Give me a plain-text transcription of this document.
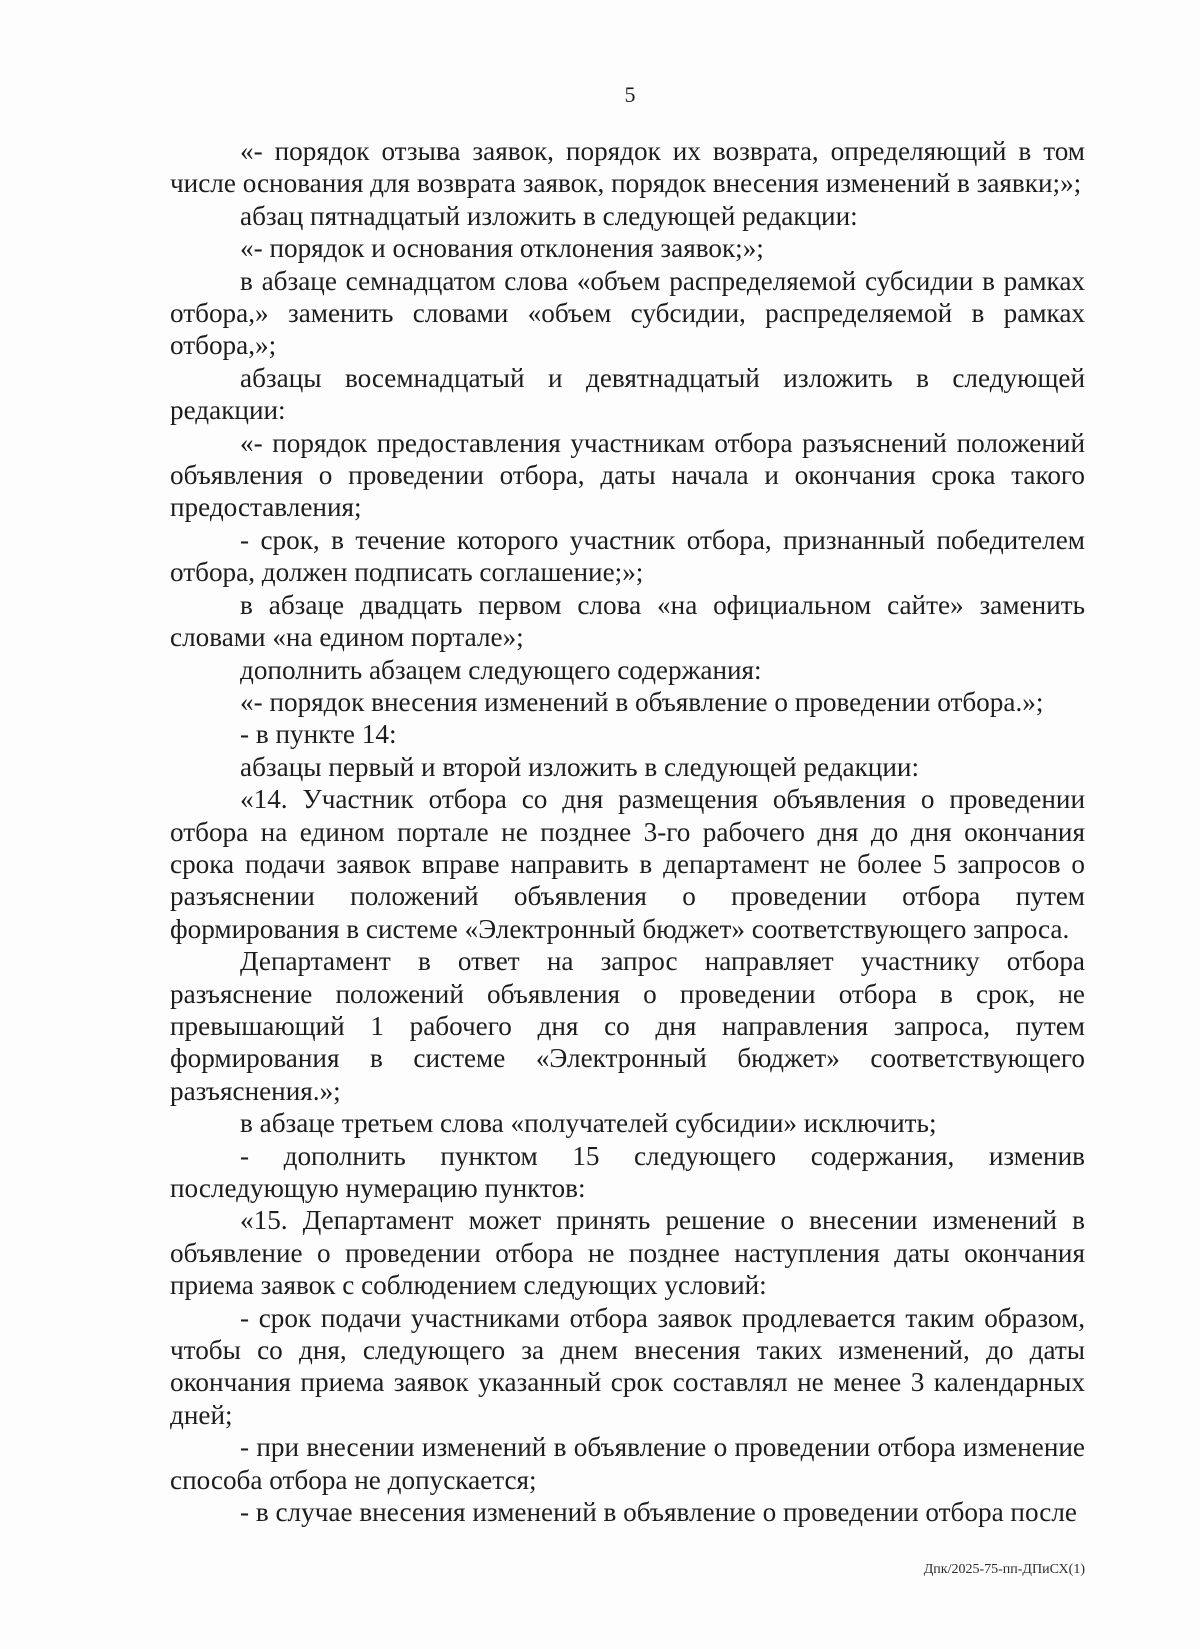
5

«- порядок отзыва заявок, порядок их возврата, определяющий в том числе основания для возврата заявок, порядок внесения изменений в заявки;»;

абзац пятнадцатый изложить в следующей редакции:

«- порядок и основания отклонения заявок;»;

в абзаце семнадцатом слова «объем распределяемой субсидии в рамках отбора,» заменить словами «объем субсидии, распределяемой в рамках отбора,»;

абзацы восемнадцатый и девятнадцатый изложить в следующей редакции:

«- порядок предоставления участникам отбора разъяснений положений объявления о проведении отбора, даты начала и окончания срока такого предоставления;

- срок, в течение которого участник отбора, признанный победителем отбора, должен подписать соглашение;»;

в абзаце двадцать первом слова «на официальном сайте» заменить словами «на едином портале»;

дополнить абзацем следующего содержания:

«- порядок внесения изменений в объявление о проведении отбора.»;

- в пункте 14:

абзацы первый и второй изложить в следующей редакции:

«14. Участник отбора со дня размещения объявления о проведении отбора на едином портале не позднее 3-го рабочего дня до дня окончания срока подачи заявок вправе направить в департамент не более 5 запросов о разъяснении положений объявления о проведении отбора путем формирования в системе «Электронный бюджет» соответствующего запроса.

Департамент в ответ на запрос направляет участнику отбора разъяснение положений объявления о проведении отбора в срок, не превышающий 1 рабочего дня со дня направления запроса, путем формирования в системе «Электронный бюджет» соответствующего разъяснения.»;

в абзаце третьем слова «получателей субсидии» исключить;

- дополнить пунктом 15 следующего содержания, изменив последующую нумерацию пунктов:

«15. Департамент может принять решение о внесении изменений в объявление о проведении отбора не позднее наступления даты окончания приема заявок с соблюдением следующих условий:

- срок подачи участниками отбора заявок продлевается таким образом, чтобы со дня, следующего за днем внесения таких изменений, до даты окончания приема заявок указанный срок составлял не менее 3 календарных дней;

- при внесении изменений в объявление о проведении отбора изменение способа отбора не допускается;

- в случае внесения изменений в объявление о проведении отбора после

Дпк/2025-75-пп-ДПиСХ(1)
